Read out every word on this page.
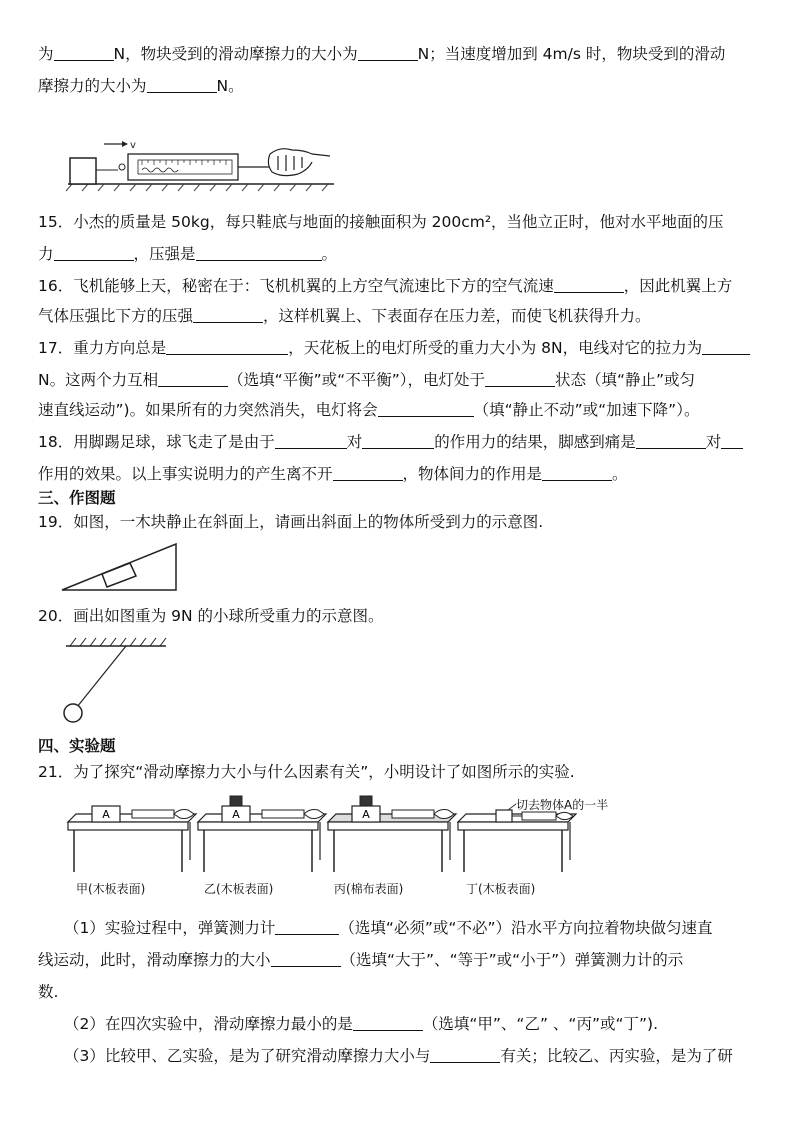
为	N，物块受到的滑动摩擦力的大小为	N；当速度增加到 4m/s 时，物块受到的滑动
摩擦力的大小为	N。
v
15．小杰的质量是 50kg，每只鞋底与地面的接触面积为 200cm²，当他立正时，他对水平地面的压
力	，压强是	。
16．飞机能够上天，秘密在于：飞机机翼的上方空气流速比下方的空气流速	，因此机翼上方
气体压强比下方的压强	，这样机翼上、下表面存在压力差，而使飞机获得升力。
17．重力方向总是	，天花板上的电灯所受的重力大小为 8N，电线对它的拉力为
N。这两个力互相	（选填“平衡”或“不平衡”），电灯处于	状态（填“静止”或匀
速直线运动”)。如果所有的力突然消失，电灯将会	（填“静止不动”或“加速下降”）。
18．用脚踢足球，球飞走了是由于	对	的作用力的结果，脚感到痛是	对
作用的效果。以上事实说明力的产生离不开	，物体间力的作用是	。
三、作图题
19．如图，一木块静止在斜面上，请画出斜面上的物体所受到力的示意图.
20．画出如图重为 9N 的小球所受重力的示意图。
四、实验题
21．为了探究“滑动摩擦力大小与什么因素有关”，小明设计了如图所示的实验.
A	A	A
切去物体A的一半
甲(木板表面)	乙(木板表面)	丙(棉布表面)	丁(木板表面)
（1）实验过程中，弹簧测力计	（选填“必须”或“不必”）沿水平方向拉着物块做匀速直
线运动，此时，滑动摩擦力的大小	（选填“大于”、“等于”或“小于”）弹簧测力计的示
数.
（2）在四次实验中，滑动摩擦力最小的是	（选填“甲”、“乙” 、“丙”或“丁”).
（3）比较甲、乙实验，是为了研究滑动摩擦力大小与	有关；比较乙、丙实验，是为了研
